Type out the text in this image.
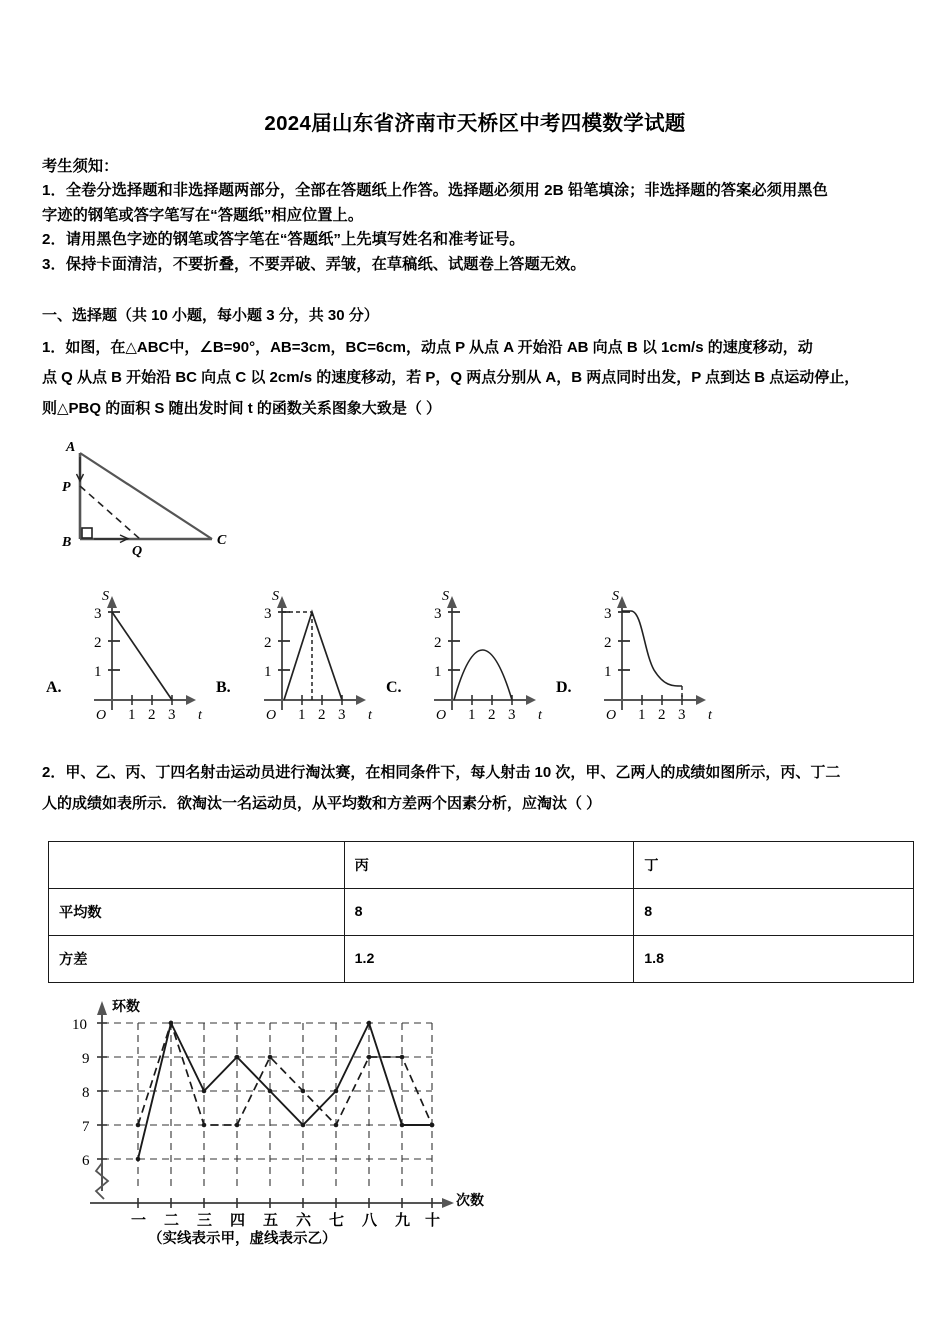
2024届山东省济南市天桥区中考四模数学试题

考生须知：

1．全卷分选择题和非选择题两部分，全部在答题纸上作答。选择题必须用 2B 铅笔填涂；非选择题的答案必须用黑色

字迹的钢笔或答字笔写在“答题纸”相应位置上。

2．请用黑色字迹的钢笔或答字笔在“答题纸”上先填写姓名和准考证号。

3．保持卡面清洁，不要折叠，不要弄破、弄皱，在草稿纸、试题卷上答题无效。

一、选择题（共 10 小题，每小题 3 分，共 30 分）
1．如图，在△ABC中，∠B=90°，AB=3cm，BC=6cm，动点 P 从点 A 开始沿 AB 向点 B 以 1cm/s 的速度移动，动
点 Q 从点 B 开始沿 BC 向点 C 以 2cm/s 的速度移动，若 P，Q 两点分别从 A，B 两点同时出发，P 点到达 B 点运动停止，
则△PBQ 的面积 S 随出发时间 t 的函数关系图象大致是（ ）
A
P
B
Q
C
A.
3
2
1
O 1 2 3
S
t
B.
3
2
1
O 1 2 3
S
t
C.
3
2
1
O 1 2 3
S
t
D.
3
2
1
O 1 2 3
S
t
2．甲、乙、丙、丁四名射击运动员进行淘汰赛，在相同条件下，每人射击 10 次，甲、乙两人的成绩如图所示，丙、丁二
人的成绩如表所示．欲淘汰一名运动员，从平均数和方差两个因素分析，应淘汰（ ）
	丙	丁
平均数	8	8
方差	1.2	1.8
10
9
8
7
6
环数
次数
一 二 三 四 五 六 七 八 九 十
（实线表示甲，虚线表示乙）
